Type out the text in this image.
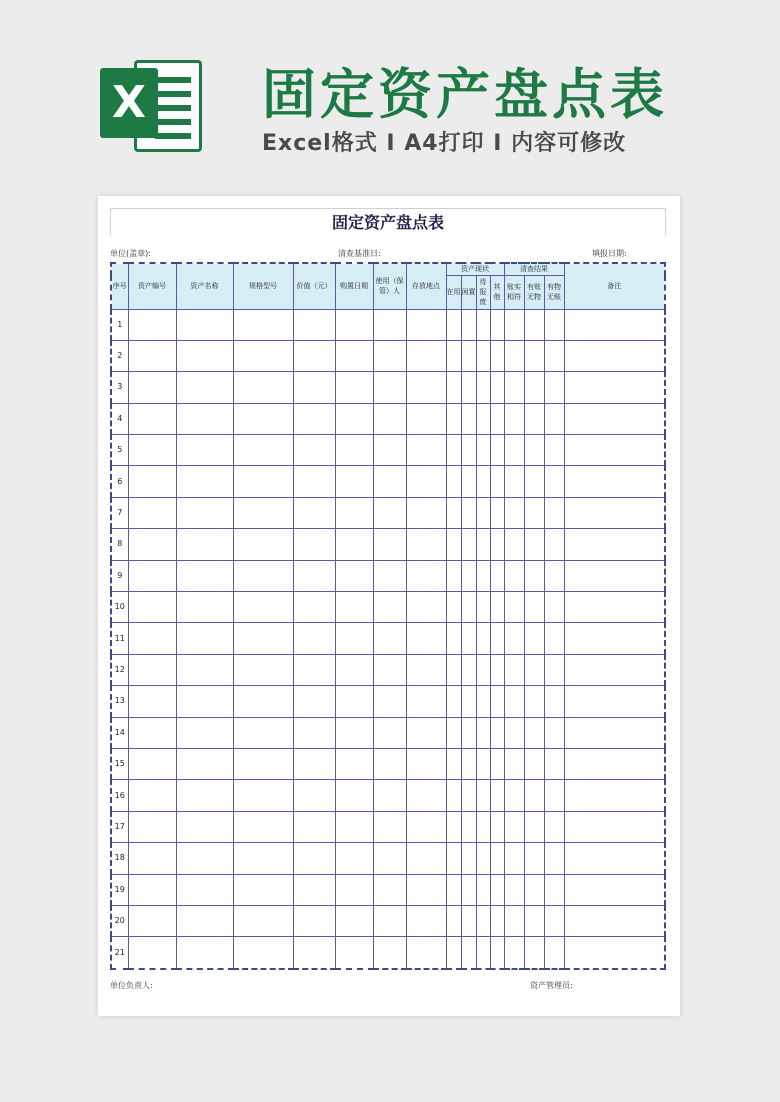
X 固定资产盘点表
Excel格式 I A4打印 I 内容可修改
固定资产盘点表
单位(盖章):	清查基准日:	填报日期:
序号	资产编号	资产名称	规格型号	价值（元）	购置日期	使用（保管）人	存放地点	资产现状				清查结果			备注
								在用	闲置	待报废	其他	账实相符	有账无物	有物无账	
1															
2															
3															
4															
5															
6															
7															
8															
9															
10															
11															
12															
13															
14															
15															
16															
17															
18															
19															
20															
21															
单位负责人:	资产管理员:
